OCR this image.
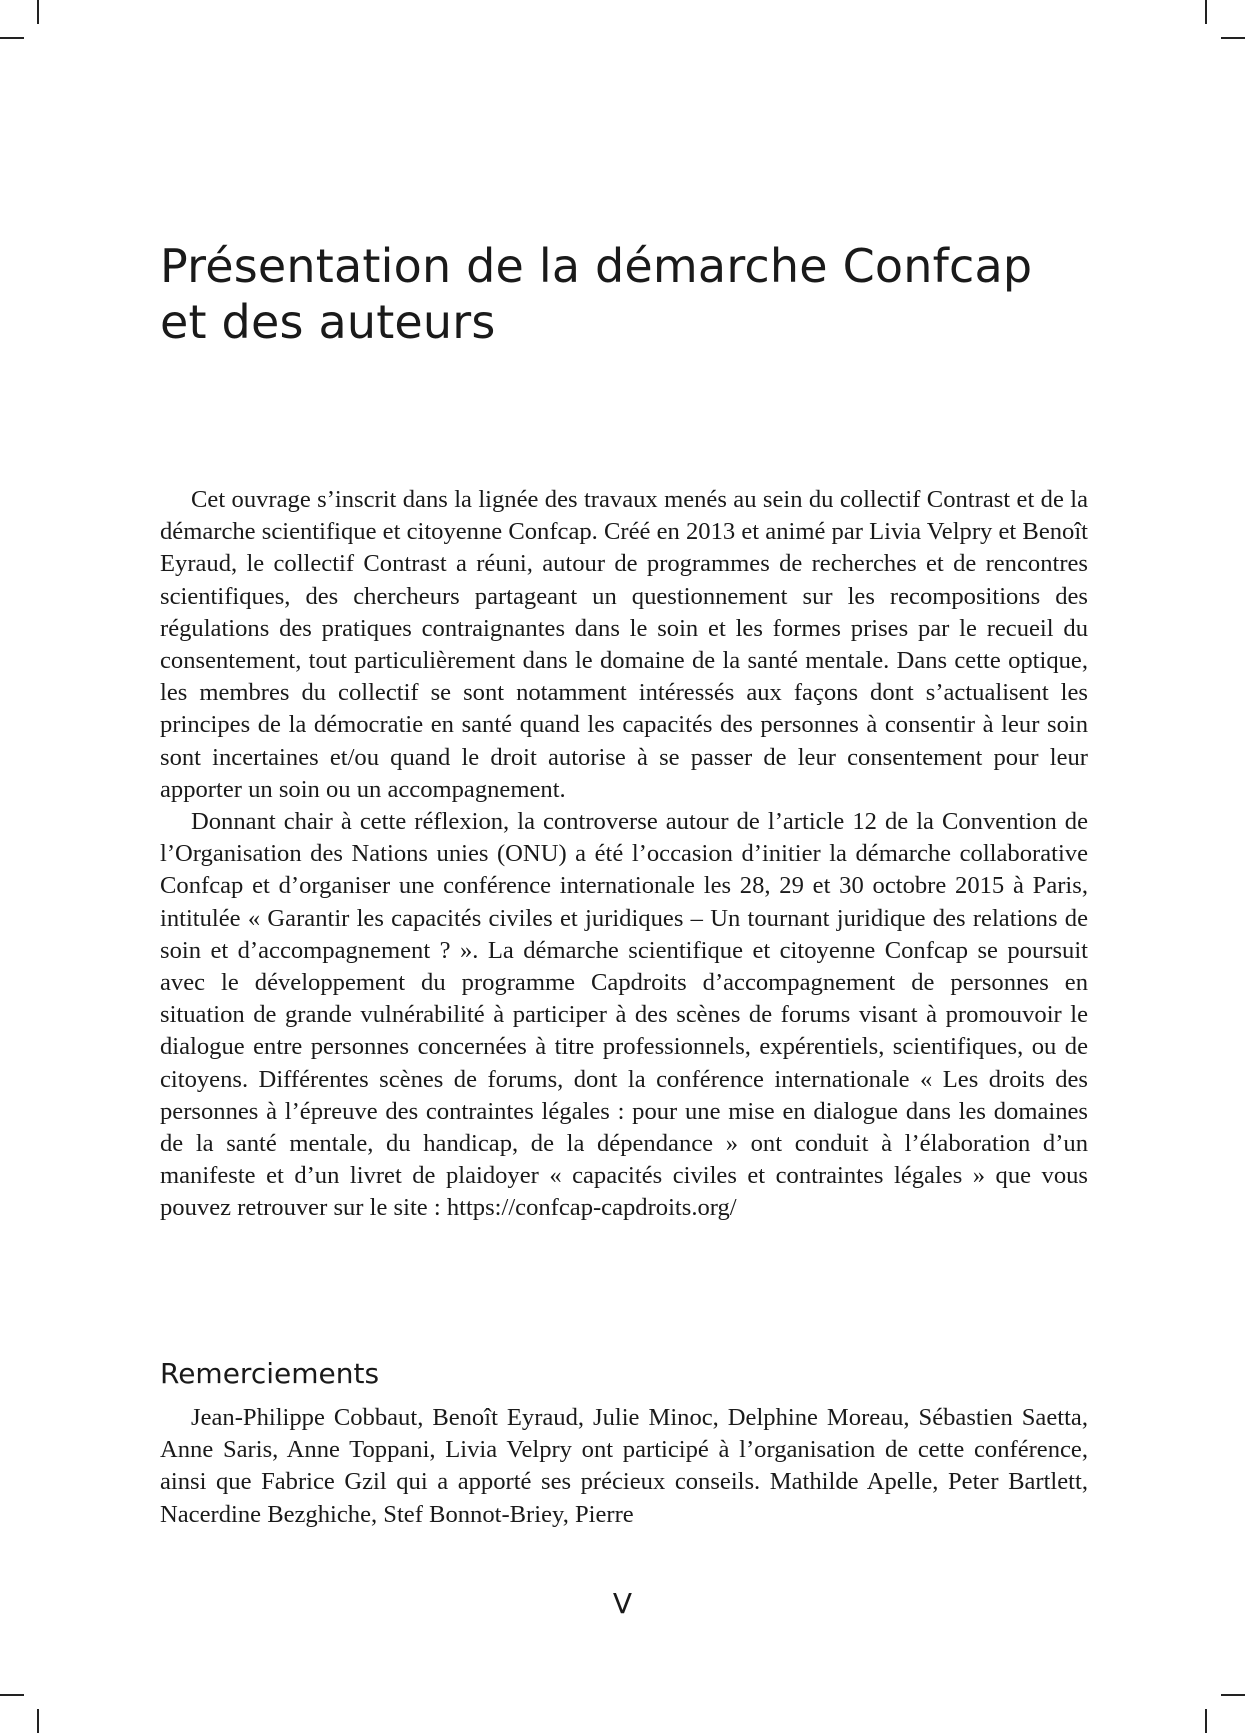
Présentation de la démarche Confcap
et des auteurs

Cet ouvrage s’inscrit dans la lignée des travaux menés au sein du collectif Contrast et de la démarche scientifique et citoyenne Confcap. Créé en 2013 et animé par Livia Velpry et Benoît Eyraud, le collectif Contrast a réuni, autour de programmes de recherches et de rencontres scientifiques, des chercheurs partageant un questionnement sur les recompositions des régulations des pratiques contraignantes dans le soin et les formes prises par le recueil du consentement, tout particulièrement dans le domaine de la santé mentale. Dans cette optique, les membres du collectif se sont notamment intéressés aux façons dont s’actualisent les principes de la démocratie en santé quand les capacités des personnes à consentir à leur soin sont incertaines et/ou quand le droit autorise à se passer de leur consentement pour leur apporter un soin ou un accompagnement.

Donnant chair à cette réflexion, la controverse autour de l’article 12 de la Convention de l’Organisation des Nations unies (ONU) a été l’occasion d’initier la démarche collaborative Confcap et d’organiser une conférence internationale les 28, 29 et 30 octobre 2015 à Paris, intitulée « Garantir les capacités civiles et juridiques – Un tournant juridique des relations de soin et d’accompagnement ? ». La démarche scientifique et citoyenne Confcap se poursuit avec le développement du programme Capdroits d’accompagnement de personnes en situation de grande vulnérabilité à participer à des scènes de forums visant à promouvoir le dialogue entre personnes concernées à titre professionnels, expérentiels, scientifiques, ou de citoyens. Différentes scènes de forums, dont la conférence internationale « Les droits des personnes à l’épreuve des contraintes légales : pour une mise en dialogue dans les domaines de la santé mentale, du handicap, de la dépendance » ont conduit à l’élaboration d’un manifeste et d’un livret de plaidoyer « capacités civiles et contraintes légales » que vous pouvez retrouver sur le site : https://confcap-capdroits.org/

Remerciements

Jean-Philippe Cobbaut, Benoît Eyraud, Julie Minoc, Delphine Moreau, Sébastien Saetta, Anne Saris, Anne Toppani, Livia Velpry ont participé à l’organisation de cette conférence, ainsi que Fabrice Gzil qui a apporté ses précieux conseils. Mathilde Apelle, Peter Bartlett, Nacerdine Bezghiche, Stef Bonnot-Briey, Pierre

V
